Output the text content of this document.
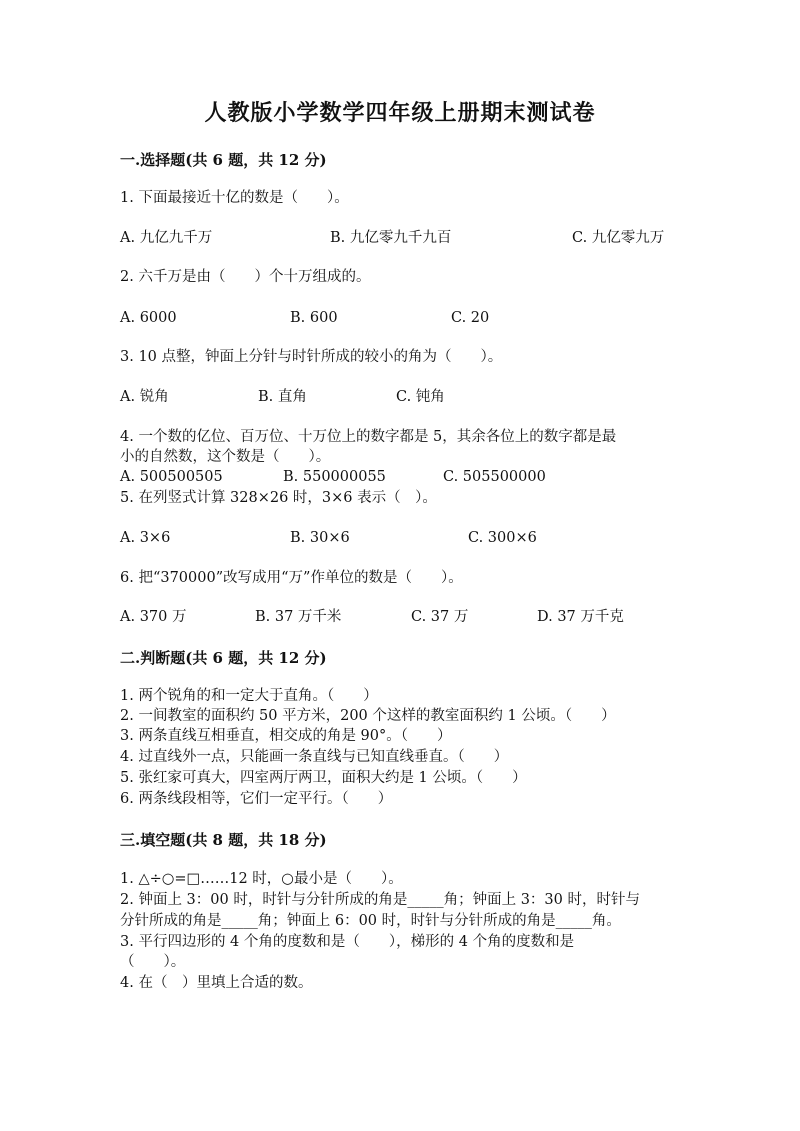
人教版小学数学四年级上册期末测试卷
一.选择题(共 6 题，共 12 分)
1. 下面最接近十亿的数是（　　）。
A. 九亿九千万	B. 九亿零九千九百	C. 九亿零九万
2. 六千万是由（　　）个十万组成的。
A. 6000	B. 600	C. 20
3. 10 点整，钟面上分针与时针所成的较小的角为（　　）。
A. 锐角	B. 直角	C. 钝角
4. 一个数的亿位、百万位、十万位上的数字都是 5，其余各位上的数字都是最
小的自然数，这个数是（　　）。
A. 500500505	B. 550000055	C. 505500000
5. 在列竖式计算 328×26 时，3×6 表示（　）。
A. 3×6	B. 30×6	C. 300×6
6. 把“370000”改写成用“万”作单位的数是（　　）。
A. 370 万	B. 37 万千米	C. 37 万	D. 37 万千克
二.判断题(共 6 题，共 12 分)
1. 两个锐角的和一定大于直角。（　　）
2. 一间教室的面积约 50 平方米，200 个这样的教室面积约 1 公顷。（　　）
3. 两条直线互相垂直，相交成的角是 90°。（　　）
4. 过直线外一点，只能画一条直线与已知直线垂直。（　　）
5. 张红家可真大，四室两厅两卫，面积大约是 1 公顷。（　　）
6. 两条线段相等，它们一定平行。（　　）
三.填空题(共 8 题，共 18 分)
1. △÷○=□……12 时，○最小是（　　）。
2. 钟面上 3：00 时，时针与分针所成的角是_____角；钟面上 3：30 时，时针与
分针所成的角是_____角；钟面上 6：00 时，时针与分针所成的角是_____角。
3. 平行四边形的 4 个角的度数和是（　　），梯形的 4 个角的度数和是
（　　）。
4. 在（　）里填上合适的数。
